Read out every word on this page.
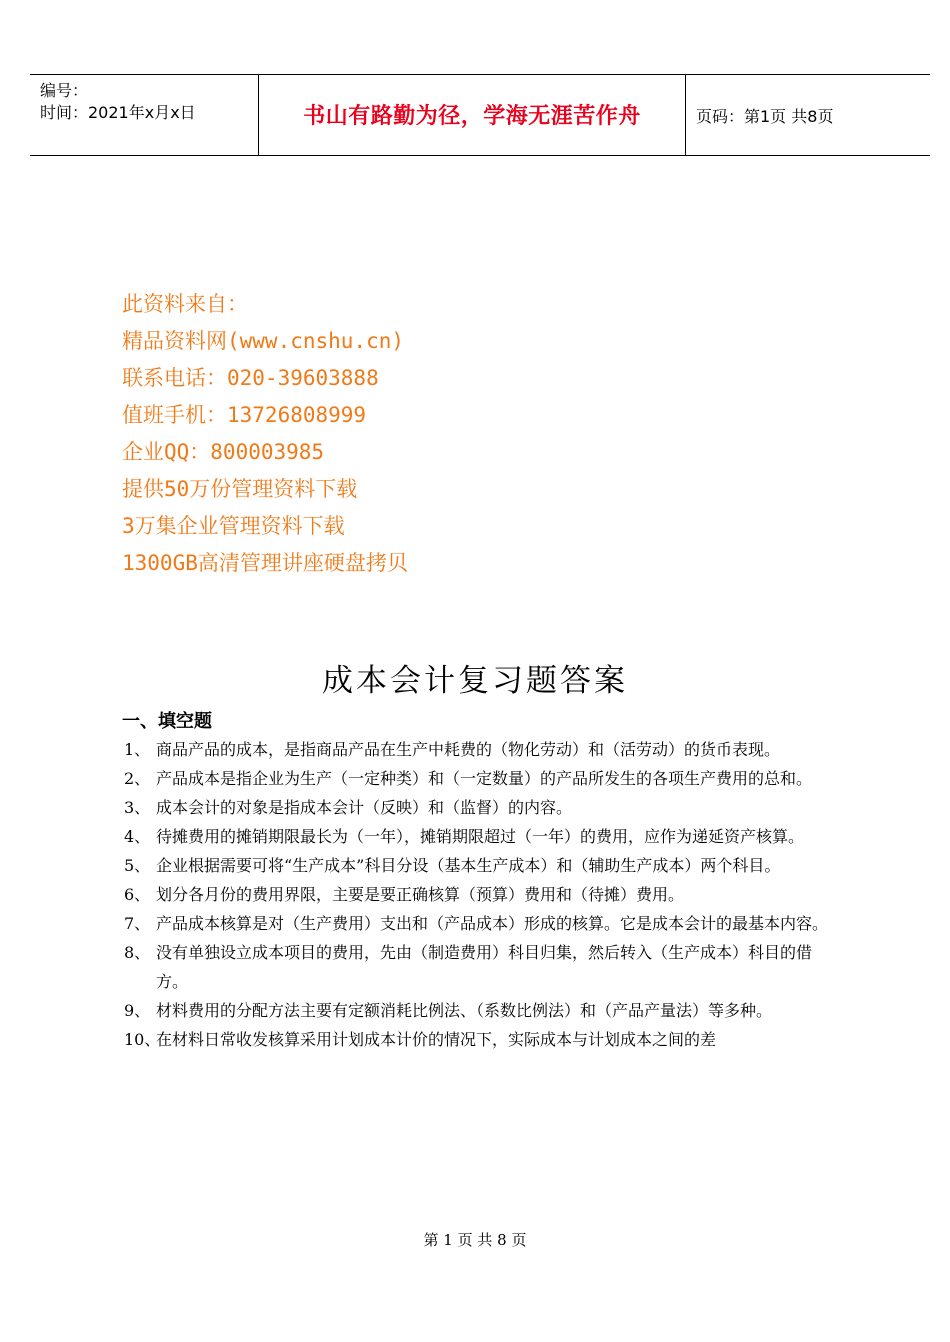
编号：
时间：2021年x月x日	书山有路勤为径，学海无涯苦作舟	页码：第1页 共8页
此资料来自：
精品资料网(www.cnshu.cn)
联系电话：020-39603888
值班手机：13726808999
企业QQ：800003985
提供50万份管理资料下载
3万集企业管理资料下载
1300GB高清管理讲座硬盘拷贝
成本会计复习题答案
一、填空题
1、 商品产品的成本，是指商品产品在生产中耗费的（物化劳动）和（活劳动）的货币表现。
2、 产品成本是指企业为生产（一定种类）和（一定数量）的产品所发生的各项生产费用的总和。
3、 成本会计的对象是指成本会计（反映）和（监督）的内容。
4、 待摊费用的摊销期限最长为（一年），摊销期限超过（一年）的费用，应作为递延资产核算。
5、 企业根据需要可将“生产成本”科目分设（基本生产成本）和（辅助生产成本）两个科目。
6、 划分各月份的费用界限，主要是要正确核算（预算）费用和（待摊）费用。
7、 产品成本核算是对（生产费用）支出和（产品成本）形成的核算。它是成本会计的最基本内容。
8、 没有单独设立成本项目的费用，先由（制造费用）科目归集，然后转入（生产成本）科目的借方。
9、 材料费用的分配方法主要有定额消耗比例法、（系数比例法）和（产品产量法）等多种。
10、
在材料日常收发核算采用计划成本计价的情况下，实际成本与计划成本之间的差
第 1 页 共 8 页
